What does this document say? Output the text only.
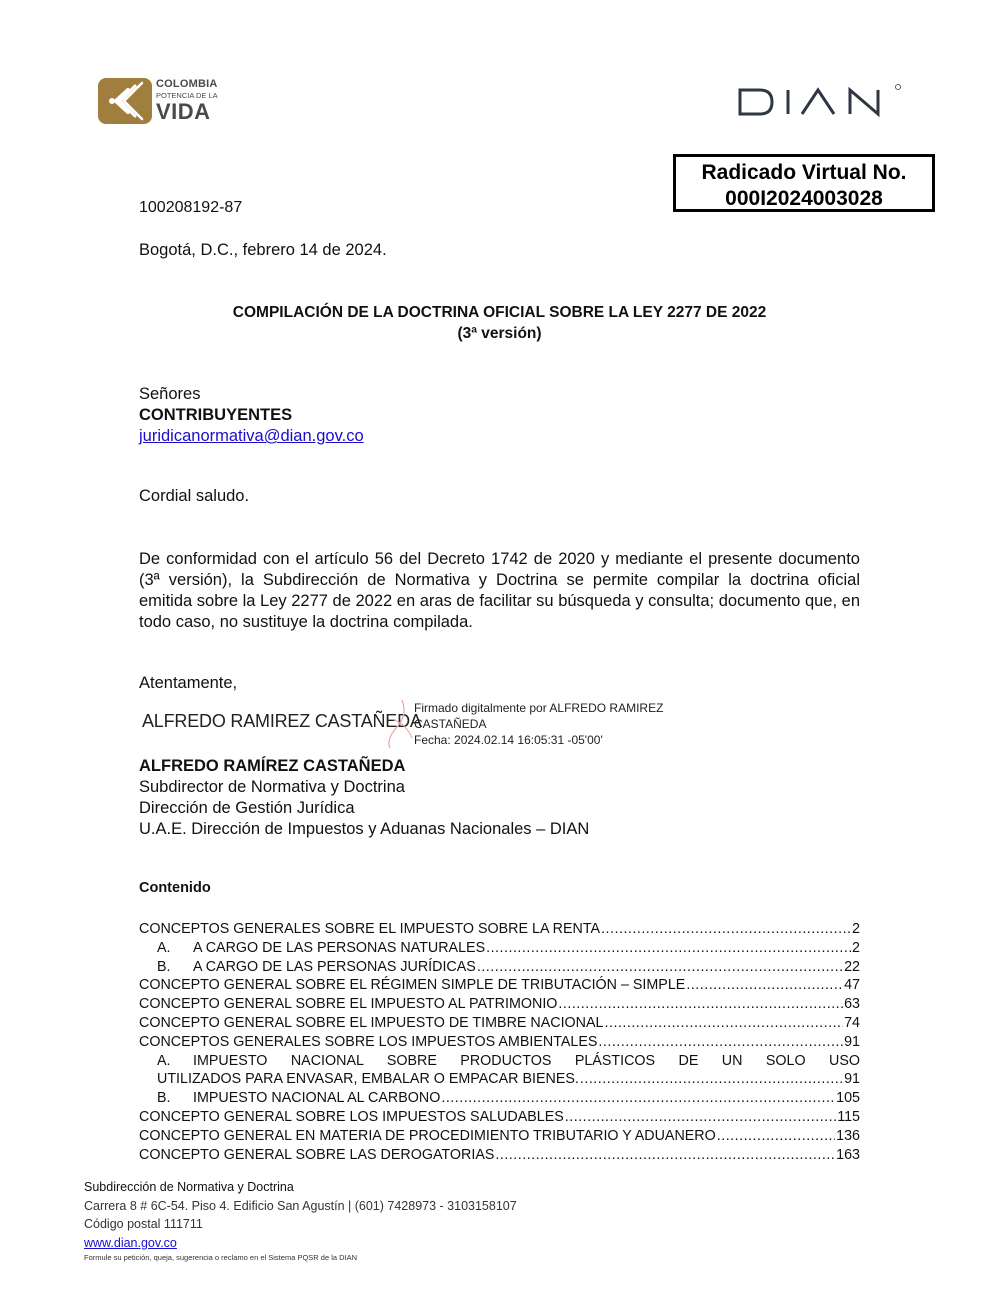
COLOMBIA
POTENCIA DE LA
VIDA
Radicado Virtual No.
000I2024003028
100208192-87
Bogotá, D.C., febrero 14 de 2024.
COMPILACIÓN DE LA DOCTRINA OFICIAL SOBRE LA LEY 2277 DE 2022
(3ª versión)
Señores
CONTRIBUYENTES
juridicanormativa@dian.gov.co
Cordial saludo.
De conformidad con el artículo 56 del Decreto 1742 de 2020 y mediante el presente documento (3ª versión), la Subdirección de Normativa y Doctrina se permite compilar la doctrina oficial emitida sobre la Ley 2277 de 2022 en aras de facilitar su búsqueda y consulta; documento que, en todo caso, no sustituye la doctrina compilada.
Atentamente,
ALFREDO RAMIREZ CASTAÑEDA
Firmado digitalmente por ALFREDO RAMIREZ
CASTAÑEDA
Fecha: 2024.02.14 16:05:31 -05'00'
ALFREDO RAMÍREZ CASTAÑEDA
Subdirector de Normativa y Doctrina
Dirección de Gestión Jurídica
U.A.E. Dirección de Impuestos y Aduanas Nacionales – DIAN
Contenido
CONCEPTOS GENERALES SOBRE EL IMPUESTO SOBRE LA RENTA .....	2
A. A CARGO DE LAS PERSONAS NATURALES .....	2
B. A CARGO DE LAS PERSONAS JURÍDICAS .....	22
CONCEPTO GENERAL SOBRE EL RÉGIMEN SIMPLE DE TRIBUTACIÓN – SIMPLE .....	47
CONCEPTO GENERAL SOBRE EL IMPUESTO AL PATRIMONIO .....	63
CONCEPTO GENERAL SOBRE EL IMPUESTO DE TIMBRE NACIONAL .....	74
CONCEPTOS GENERALES SOBRE LOS IMPUESTOS AMBIENTALES .....	91
A. IMPUESTO NACIONAL SOBRE PRODUCTOS PLÁSTICOS DE UN SOLO USO
UTILIZADOS PARA ENVASAR, EMBALAR O EMPACAR BIENES. .....	91
B. IMPUESTO NACIONAL AL CARBONO .....	105
CONCEPTO GENERAL SOBRE LOS IMPUESTOS SALUDABLES .....	115
CONCEPTO GENERAL EN MATERIA DE PROCEDIMIENTO TRIBUTARIO Y ADUANERO .....	136
CONCEPTO GENERAL SOBRE LAS DEROGATORIAS .....	163
Subdirección de Normativa y Doctrina
Carrera 8 # 6C-54. Piso 4. Edificio San Agustín | (601) 7428973 - 3103158107
Código postal 111711
www.dian.gov.co
Formule su petición, queja, sugerencia o reclamo en el Sistema PQSR de la DIAN
